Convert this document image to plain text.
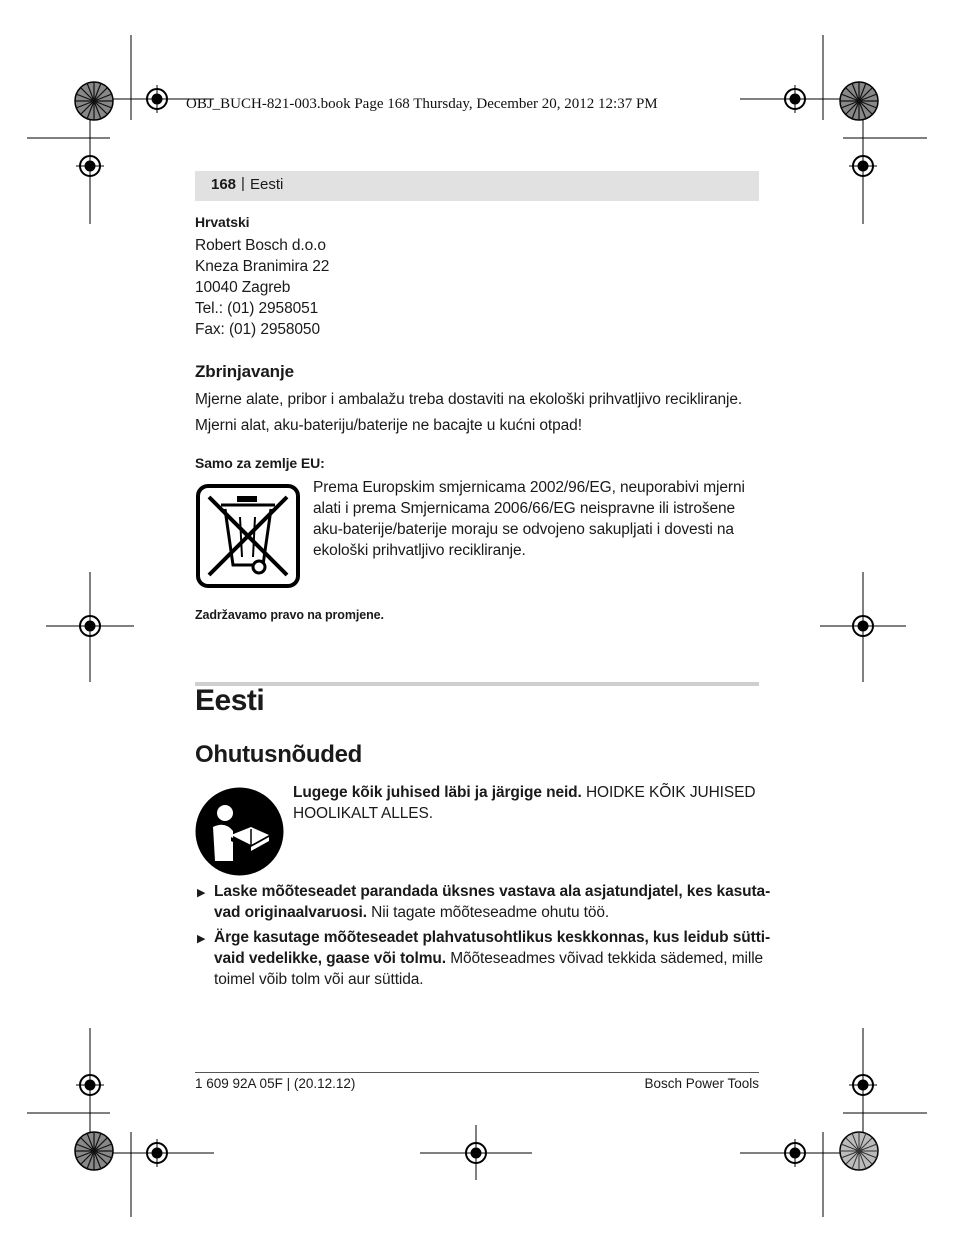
OBJ_BUCH-821-003.book Page 168 Thursday, December 20, 2012 12:37 PM
168 | Eesti
Hrvatski
Robert Bosch d.o.o
Kneza Branimira 22
10040 Zagreb
Tel.: (01) 2958051
Fax: (01) 2958050
Zbrinjavanje
Mjerne alate, pribor i ambalažu treba dostaviti na ekološki prihvatljivo recikliranje.
Mjerni alat, aku-bateriju/baterije ne bacajte u kućni otpad!
Samo za zemlje EU:
Prema Europskim smjernicama 2002/96/EG, neuporabivi mjerni
alati i prema Smjernicama 2006/66/EG neispravne ili istrošene
aku-baterije/baterije moraju se odvojeno sakupljati i dovesti na
ekološki prihvatljivo recikliranje.
Zadržavamo pravo na promjene.
Eesti
Ohutusnõuded
Lugege kõik juhised läbi ja järgige neid. HOIDKE KÕIK JUHISED
HOOLIKALT ALLES.
▶ Laske mõõteseadet parandada üksnes vastava ala asjatundjatel, kes kasuta-
vad originaalvaruosi. Nii tagate mõõteseadme ohutu töö.
▶ Ärge kasutage mõõteseadet plahvatusohtlikus keskkonnas, kus leidub sütti-
vaid vedelikke, gaase või tolmu. Mõõteseadmes võivad tekkida sädemed, mille
toimel võib tolm või aur süttida.
1 609 92A 05F | (20.12.12)	Bosch Power Tools
